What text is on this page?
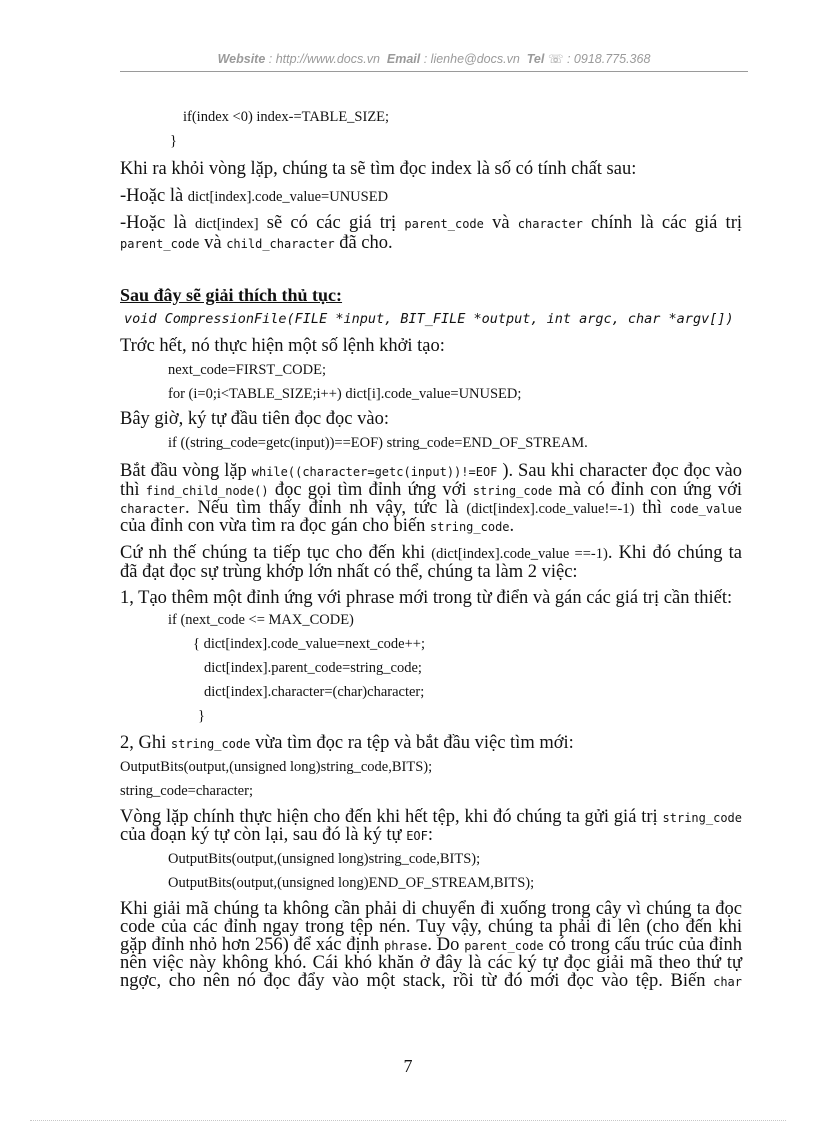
Website : http://www.docs.vn Email : lienhe@docs.vn Tel ☏ : 0918.775.368
if(index <0) index-=TABLE_SIZE;
}
Khi ra khỏi vòng lặp, chúng ta sẽ tìm đọc index là số có tính chất sau:
-Hoặc là dict[index].code_value=UNUSED
-Hoặc là dict[index] sẽ có các giá trị parent_code và character chính là các giá trị
parent_code và child_character đã cho.
Sau đây sẽ giải thích thủ tục:
void CompressionFile(FILE *input, BIT_FILE *output, int argc, char *argv[])
Trớc hết, nó thực hiện một số lệnh khởi tạo:
next_code=FIRST_CODE;
for (i=0;i<TABLE_SIZE;i++) dict[i].code_value=UNUSED;
Bây giờ, ký tự đầu tiên đọc đọc vào:
if ((string_code=getc(input))==EOF) string_code=END_OF_STREAM.
Bắt đầu vòng lặp while((character=getc(input))!=EOF ). Sau khi character đọc đọc vào
thì find_child_node() đọc gọi tìm đỉnh ứng với string_code mà có đỉnh con ứng với
character. Nếu tìm thấy đỉnh nh vậy, tức là (dict[index].code_value!=-1) thì code_value
của đỉnh con vừa tìm ra đọc gán cho biến string_code.
Cứ nh thế chúng ta tiếp tục cho đến khi (dict[index].code_value ==-1). Khi đó chúng ta
đã đạt đọc sự trùng khớp lớn nhất có thể, chúng ta làm 2 việc:
1, Tạo thêm một đỉnh ứng với phrase mới trong từ điển và gán các giá trị cần thiết:
if (next_code <= MAX_CODE)
{ dict[index].code_value=next_code++;
dict[index].parent_code=string_code;
dict[index].character=(char)character;
}
2, Ghi string_code vừa tìm đọc ra tệp và bắt đầu việc tìm mới:
OutputBits(output,(unsigned long)string_code,BITS);
string_code=character;
Vòng lặp chính thực hiện cho đến khi hết tệp, khi đó chúng ta gửi giá trị string_code
của đoạn ký tự còn lại, sau đó là ký tự EOF:
OutputBits(output,(unsigned long)string_code,BITS);
OutputBits(output,(unsigned long)END_OF_STREAM,BITS);
Khi giải mã chúng ta không cần phải di chuyển đi xuống trong cây vì chúng ta đọc
code của các đỉnh ngay trong tệp nén. Tuy vậy, chúng ta phải đi lên (cho đến khi
gặp đỉnh nhỏ hơn 256) để xác định phrase. Do parent_code có trong cấu trúc của đỉnh
nên việc này không khó. Cái khó khăn ở đây là các ký tự đọc giải mã theo thứ tự
ngợc, cho nên nó đọc đẩy vào một stack, rồi từ đó mới đọc vào tệp. Biến char
7
